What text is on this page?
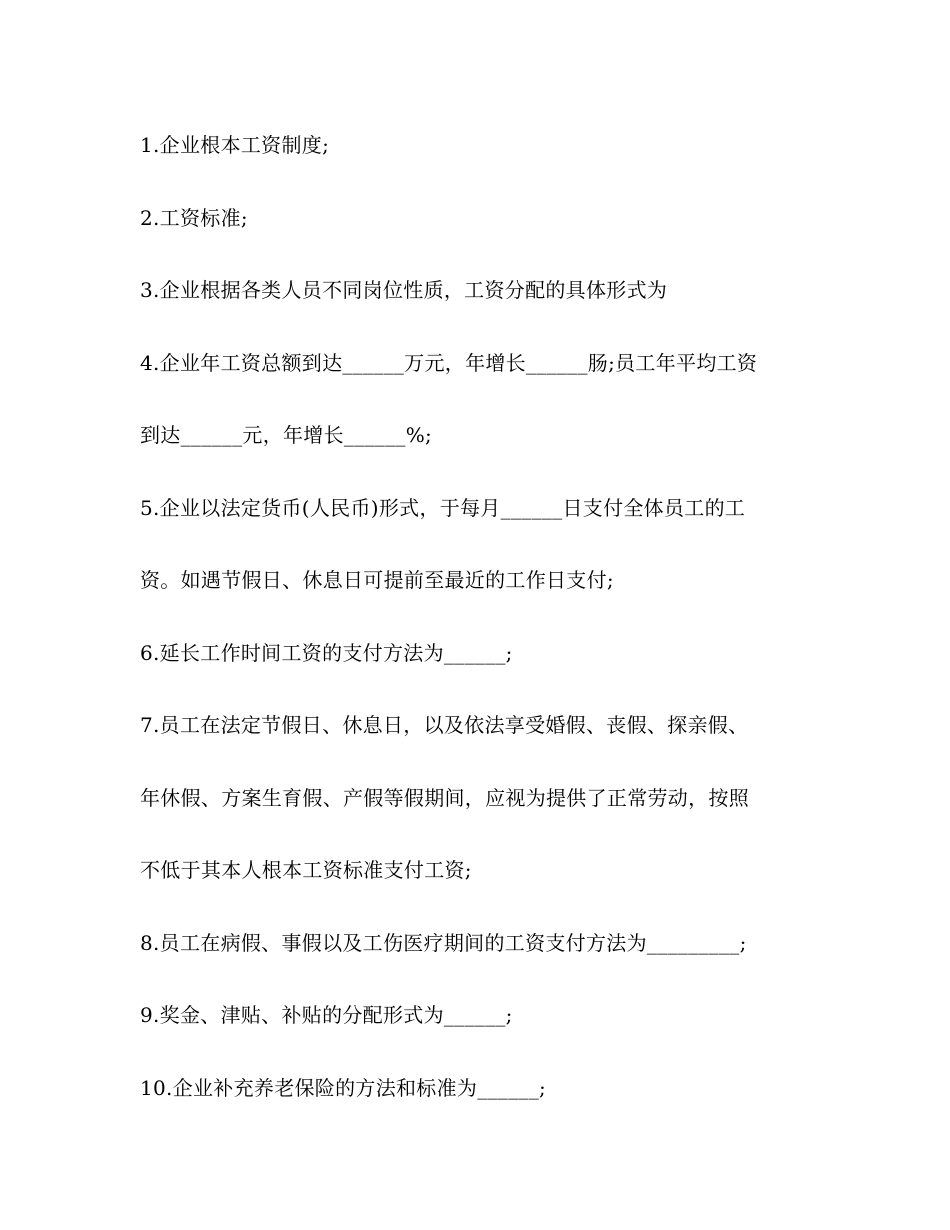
1.企业根本工资制度;
2.工资标准;
3.企业根据各类人员不同岗位性质，工资分配的具体形式为
4.企业年工资总额到达______万元，年增长______肠;员工年平均工资
到达______元，年增长______%;
5.企业以法定货币(人民币)形式，于每月______日支付全体员工的工
资。如遇节假日、休息日可提前至最近的工作日支付;
6.延长工作时间工资的支付方法为______;
7.员工在法定节假日、休息日，以及依法享受婚假、丧假、探亲假、
年休假、方案生育假、产假等假期间，应视为提供了正常劳动，按照
不低于其本人根本工资标准支付工资;
8.员工在病假、事假以及工伤医疗期间的工资支付方法为_________;
9.奖金、津贴、补贴的分配形式为______;
10.企业补充养老保险的方法和标准为______;
